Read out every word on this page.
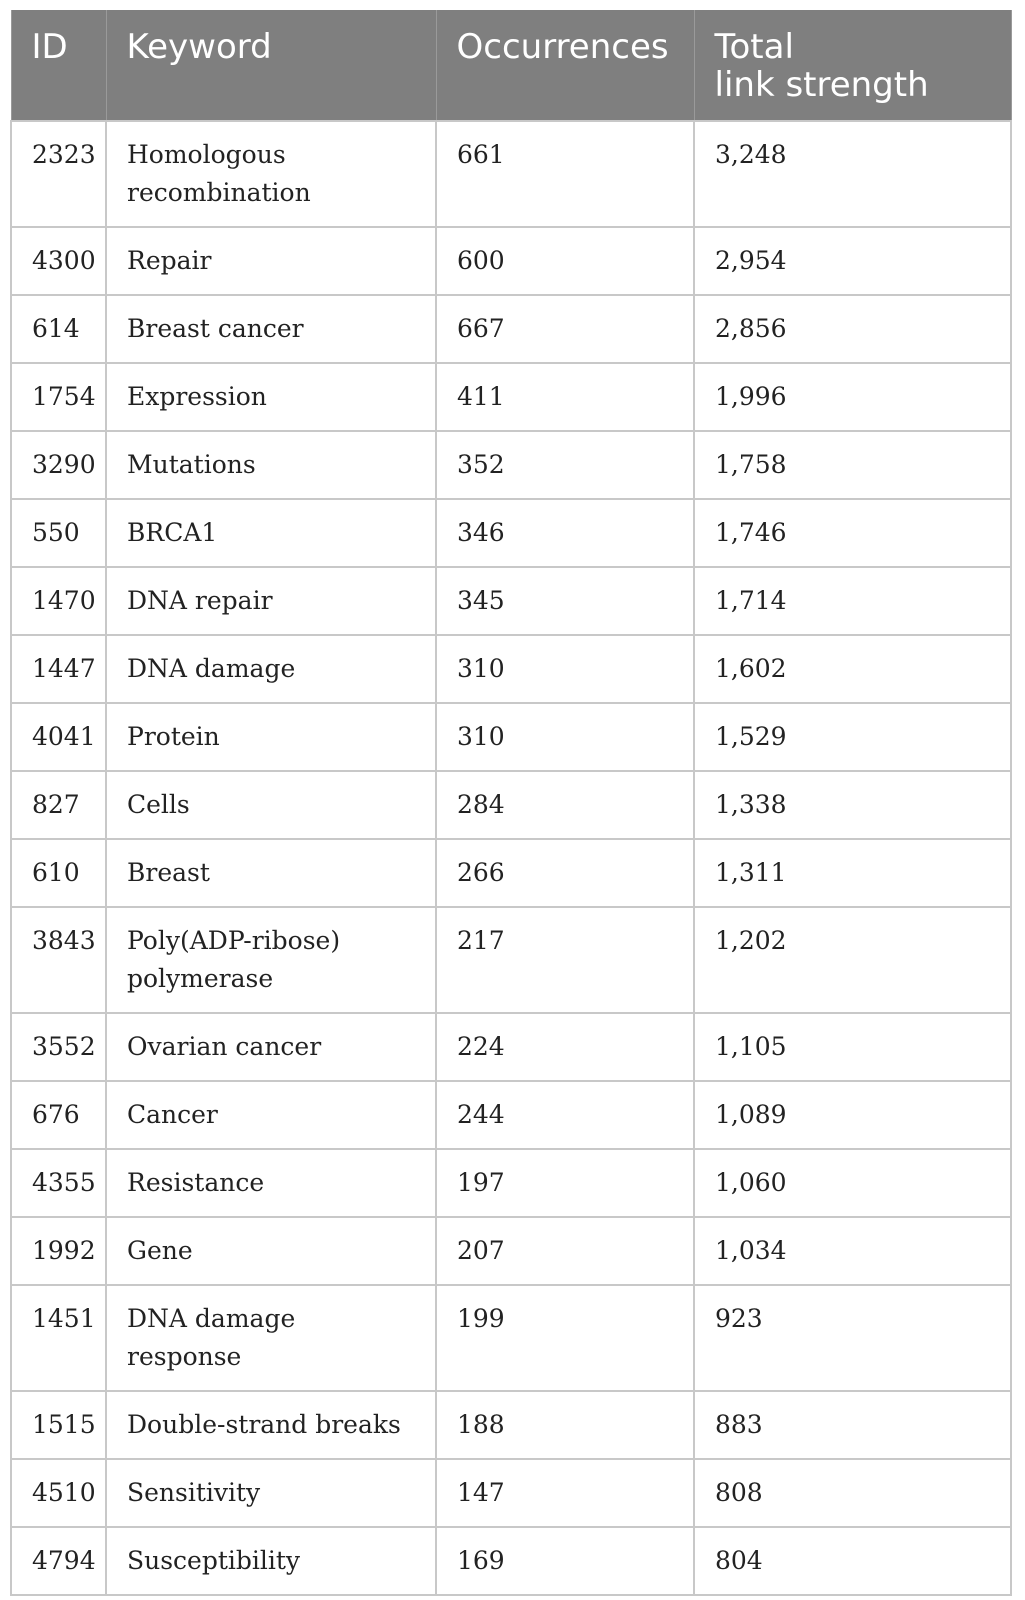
ID	Keyword	Occurrences	Total
link strength

2323	Homologous recombination	661	3,248
4300	Repair	600	2,954
614	Breast cancer	667	2,856
1754	Expression	411	1,996
3290	Mutations	352	1,758
550	BRCA1	346	1,746
1470	DNA repair	345	1,714
1447	DNA damage	310	1,602
4041	Protein	310	1,529
827	Cells	284	1,338
610	Breast	266	1,311
3843	Poly(ADP-ribose) polymerase	217	1,202
3552	Ovarian cancer	224	1,105
676	Cancer	244	1,089
4355	Resistance	197	1,060
1992	Gene	207	1,034
1451	DNA damage response	199	923
1515	Double-strand breaks	188	883
4510	Sensitivity	147	808
4794	Susceptibility	169	804
